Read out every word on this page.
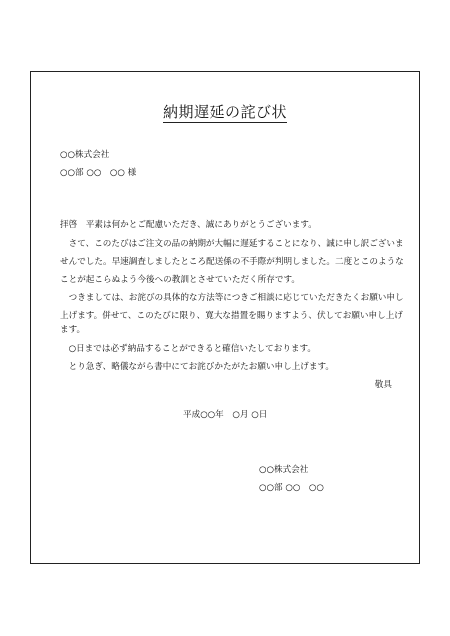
納期遅延の詫び状
○○株式会社
○○部 ○○　○○ 様
拝啓　平素は何かとご配慮いただき、誠にありがとうございます。
　さて、このたびはご注文の品の納期が大幅に遅延することになり、誠に申し訳ございま
せんでした。早速調査しましたところ配送係の不手際が判明しました。二度とこのような
ことが起こらぬよう今後への教訓とさせていただく所存です。
　つきましては、お詫びの具体的な方法等につきご相談に応じていただきたくお願い申し
上げます。併せて、このたびに限り、寛大な措置を賜りますよう、伏してお願い申し上げ
ます。
　○日までは必ず納品することができると確信いたしております。
　とり急ぎ、略儀ながら書中にてお詫びかたがたお願い申し上げます。
敬具
平成○○年　○月 ○日
○○株式会社
○○部 ○○　○○
